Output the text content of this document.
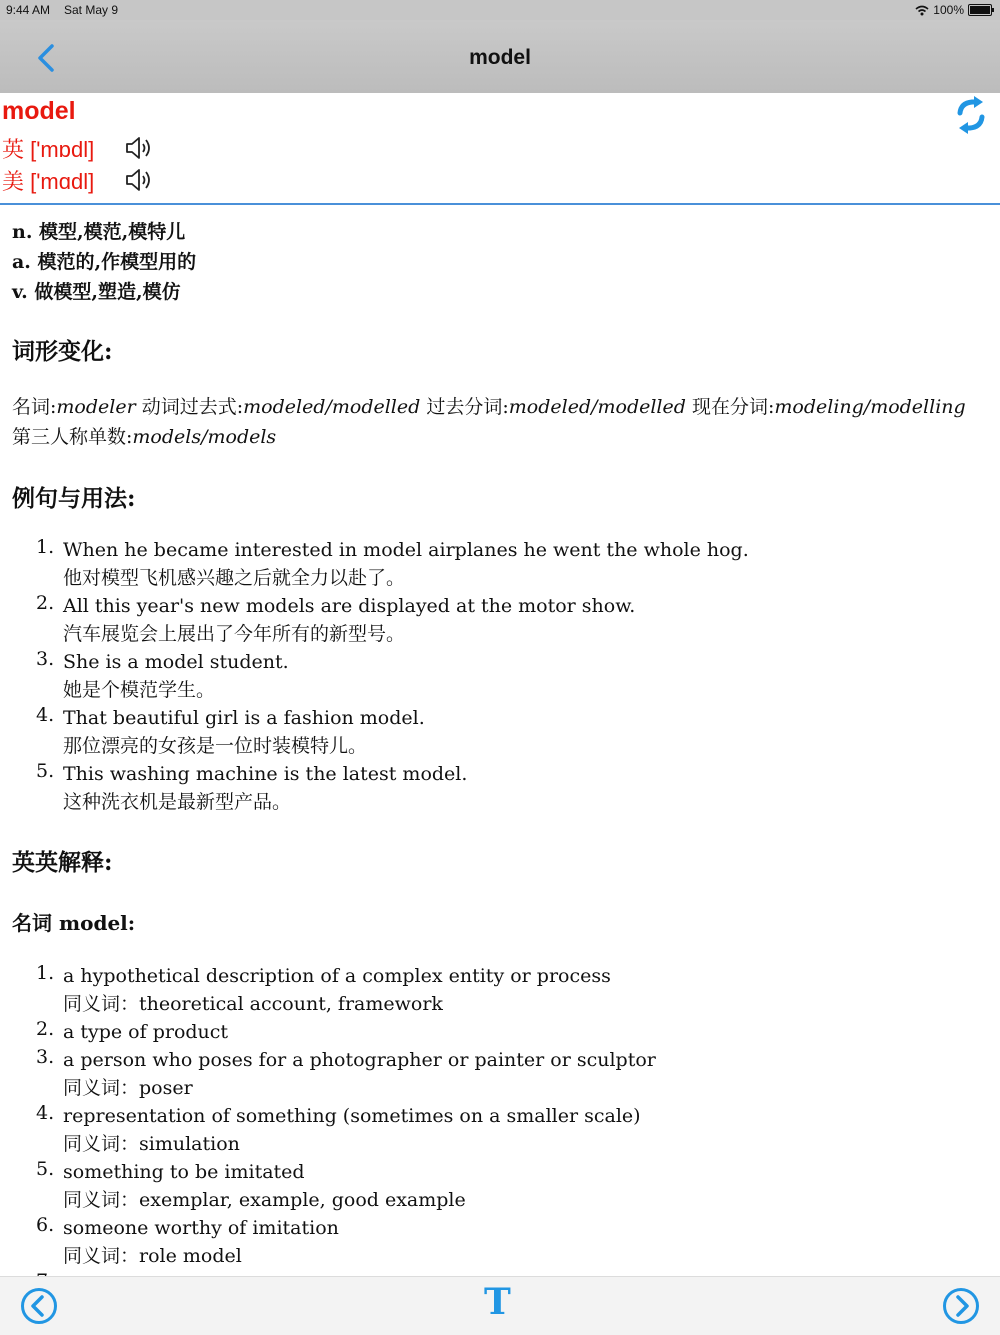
9:44 AM Sat May 9	100%
model
model
英 ['mɒdl]
美 ['mɑdl]
n. 模型,模范,模特儿
a. 模范的,作模型用的
v. 做模型,塑造,模仿
词形变化:
名词:modeler 动词过去式:modeled/modelled 过去分词:modeled/modelled 现在分词:modeling/modelling 第三人称单数:models/models
例句与用法:
1. When he became interested in model airplanes he went the whole hog.
他对模型飞机感兴趣之后就全力以赴了。
2. All this year's new models are displayed at the motor show.
汽车展览会上展出了今年所有的新型号。
3. She is a model student.
她是个模范学生。
4. That beautiful girl is a fashion model.
那位漂亮的女孩是一位时装模特儿。
5. This washing machine is the latest model.
这种洗衣机是最新型产品。
英英解释:
名词 model:
1. a hypothetical description of a complex entity or process
同义词：theoretical account, framework
2. a type of product
3. a person who poses for a photographer or painter or sculptor
同义词：poser
4. representation of something (sometimes on a smaller scale)
同义词：simulation
5. something to be imitated
同义词：exemplar, example, good example
6. someone worthy of imitation
同义词：role model
T
